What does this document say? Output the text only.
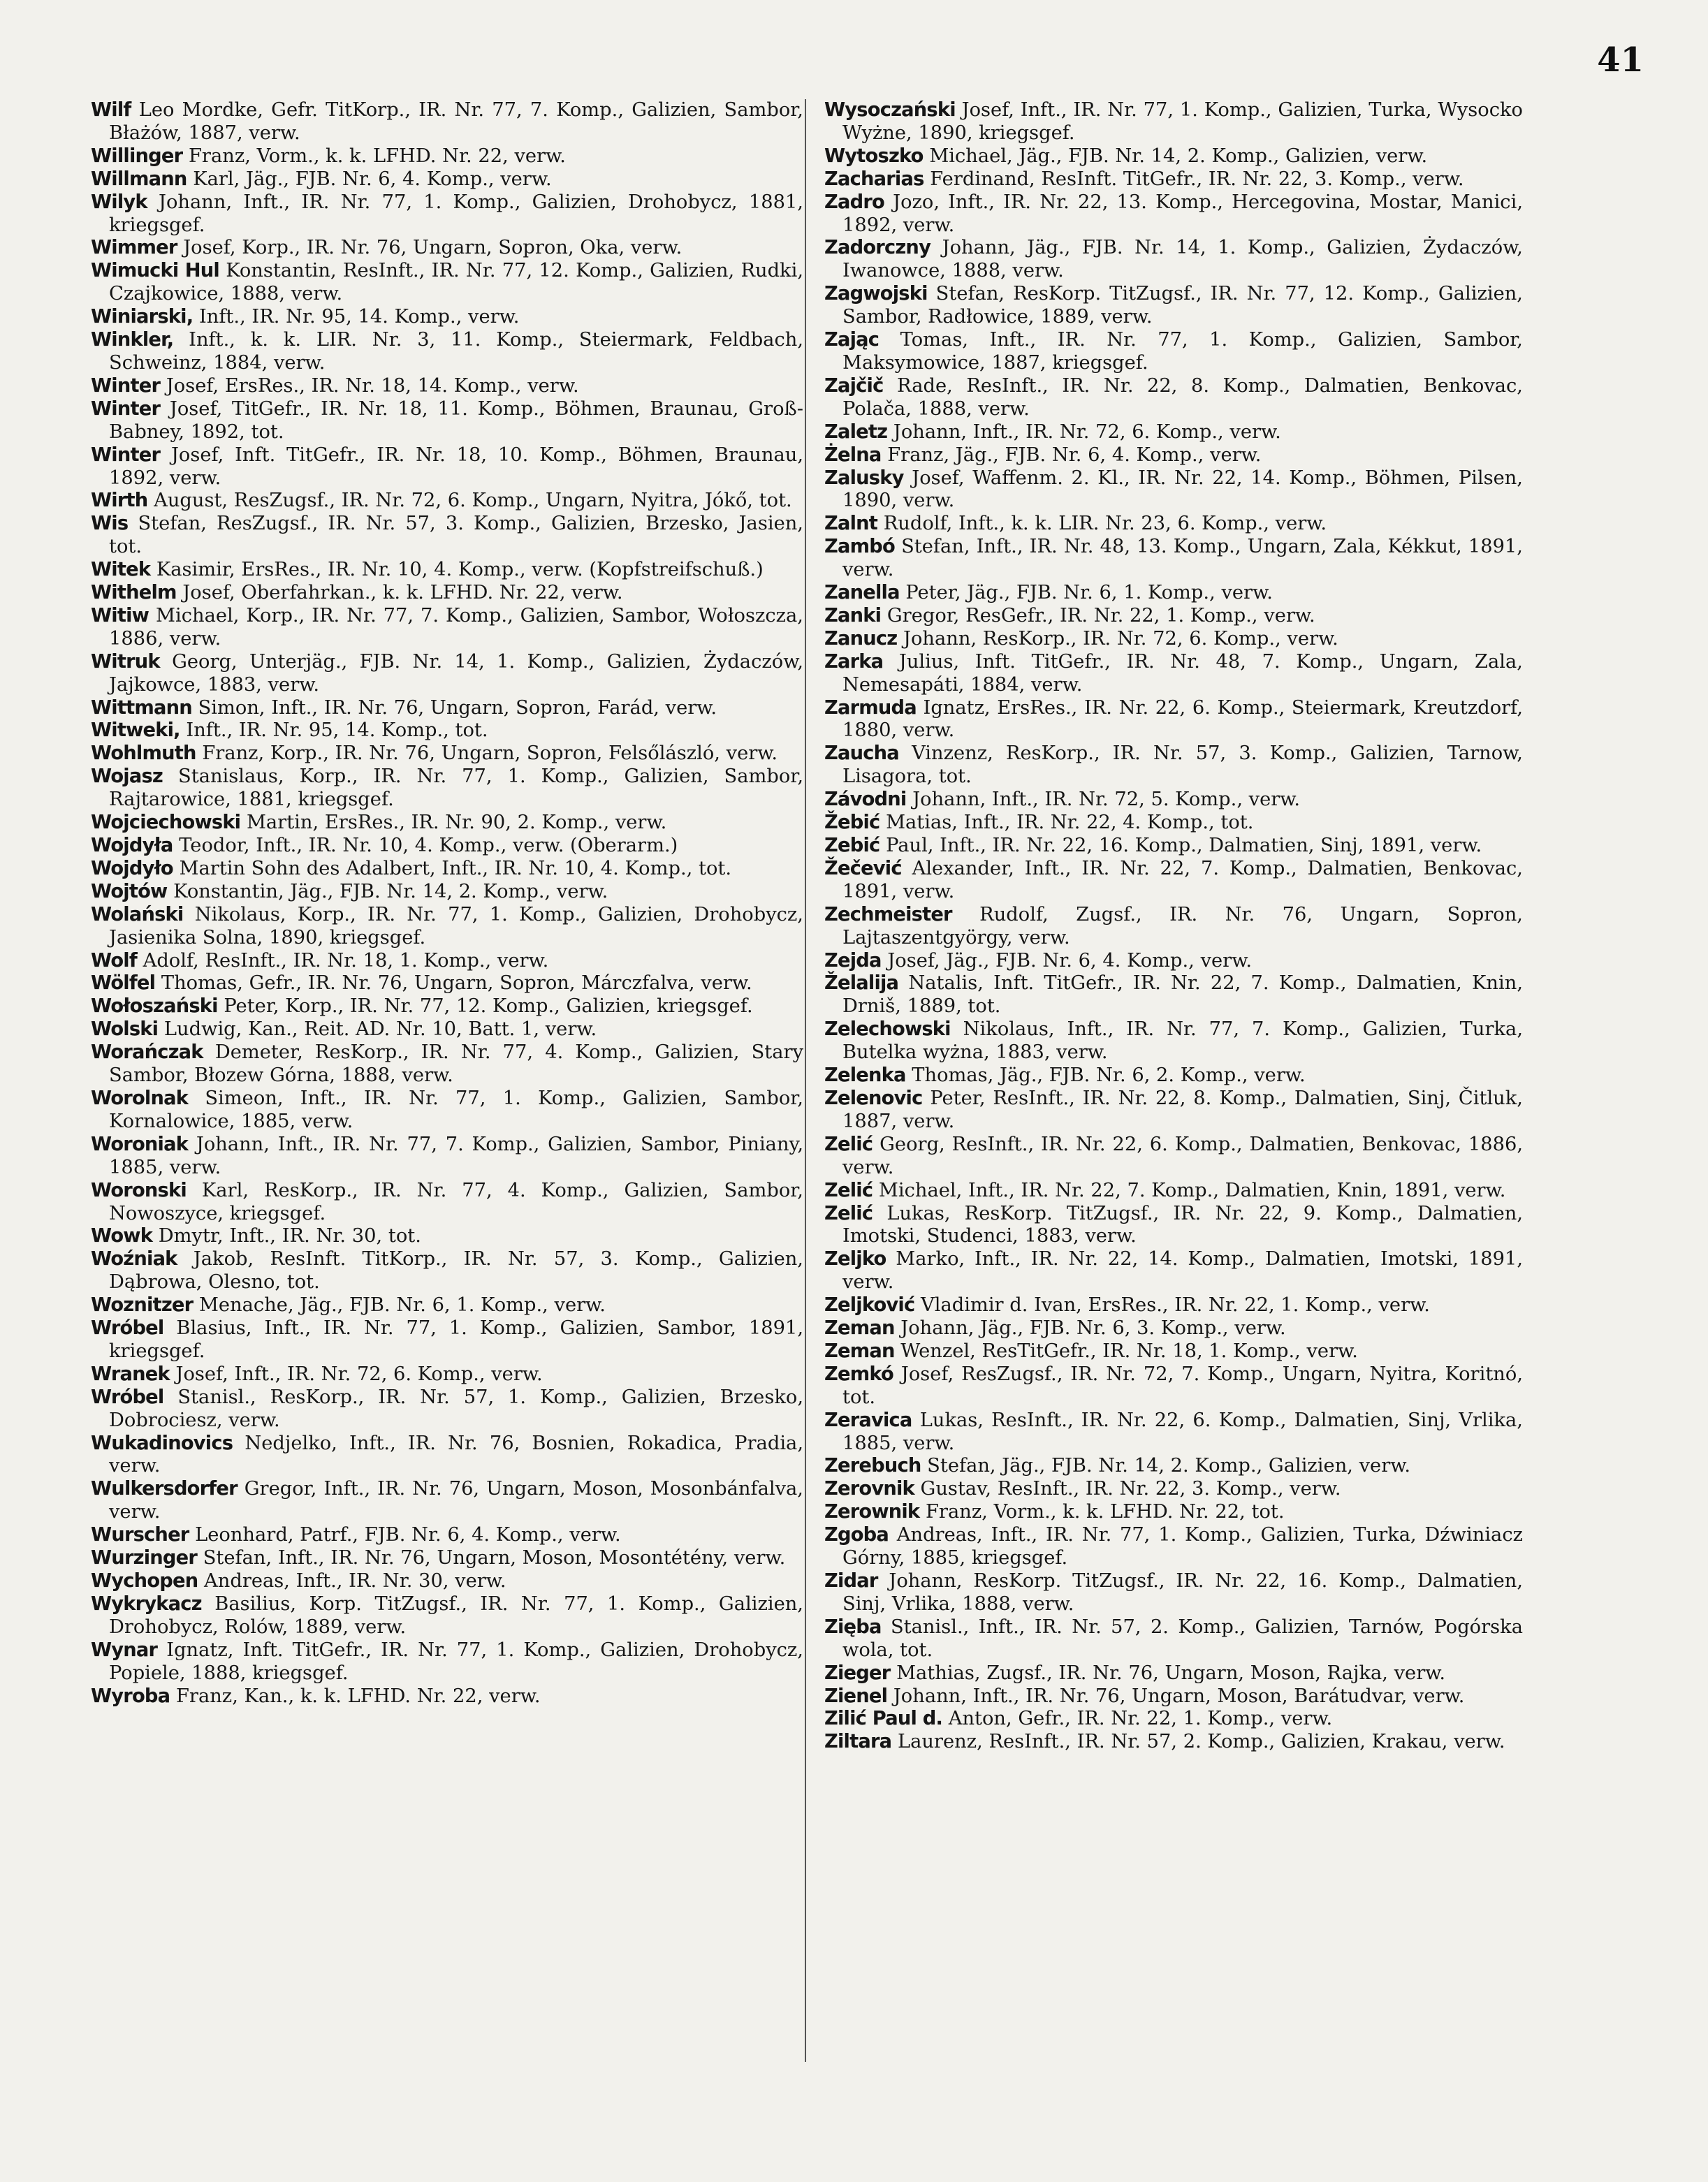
41

Wilf Leo Mordke, Gefr. TitKorp., IR. Nr. 77, 7. Komp., Galizien, Sambor, Błażów, 1887, verw.

Willinger Franz, Vorm., k. k. LFHD. Nr. 22, verw.

Willmann Karl, Jäg., FJB. Nr. 6, 4. Komp., verw.

Wilyk Johann, Inft., IR. Nr. 77, 1. Komp., Galizien, Drohobycz, 1881, kriegsgef.

Wimmer Josef, Korp., IR. Nr. 76, Ungarn, Sopron, Oka, verw.

Wimucki Hul Konstantin, ResInft., IR. Nr. 77, 12. Komp., Galizien, Rudki, Czajkowice, 1888, verw.

Winiarski, Inft., IR. Nr. 95, 14. Komp., verw.

Winkler, Inft., k. k. LIR. Nr. 3, 11. Komp., Steiermark, Feldbach, Schweinz, 1884, verw.

Winter Josef, ErsRes., IR. Nr. 18, 14. Komp., verw.

Winter Josef, TitGefr., IR. Nr. 18, 11. Komp., Böhmen, Braunau, Groß-Babney, 1892, tot.

Winter Josef, Inft. TitGefr., IR. Nr. 18, 10. Komp., Böhmen, Braunau, 1892, verw.

Wirth August, ResZugsf., IR. Nr. 72, 6. Komp., Ungarn, Nyitra, Jókő, tot.

Wis Stefan, ResZugsf., IR. Nr. 57, 3. Komp., Galizien, Brzesko, Jasien, tot.

Witek Kasimir, ErsRes., IR. Nr. 10, 4. Komp., verw. (Kopfstreifschuß.)

Withelm Josef, Oberfahrkan., k. k. LFHD. Nr. 22, verw.

Witiw Michael, Korp., IR. Nr. 77, 7. Komp., Galizien, Sambor, Wołoszcza, 1886, verw.

Witruk Georg, Unterjäg., FJB. Nr. 14, 1. Komp., Galizien, Żydaczów, Jajkowce, 1883, verw.

Wittmann Simon, Inft., IR. Nr. 76, Ungarn, Sopron, Farád, verw.

Witweki, Inft., IR. Nr. 95, 14. Komp., tot.

Wohlmuth Franz, Korp., IR. Nr. 76, Ungarn, Sopron, Felsőlászló, verw.

Wojasz Stanislaus, Korp., IR. Nr. 77, 1. Komp., Galizien, Sambor, Rajtarowice, 1881, kriegsgef.

Wojciechowski Martin, ErsRes., IR. Nr. 90, 2. Komp., verw.

Wojdyła Teodor, Inft., IR. Nr. 10, 4. Komp., verw. (Oberarm.)

Wojdyło Martin Sohn des Adalbert, Inft., IR. Nr. 10, 4. Komp., tot.

Wojtów Konstantin, Jäg., FJB. Nr. 14, 2. Komp., verw.

Wolański Nikolaus, Korp., IR. Nr. 77, 1. Komp., Galizien, Drohobycz, Jasienika Solna, 1890, kriegsgef.

Wolf Adolf, ResInft., IR. Nr. 18, 1. Komp., verw.

Wölfel Thomas, Gefr., IR. Nr. 76, Ungarn, Sopron, Márczfalva, verw.

Wołoszański Peter, Korp., IR. Nr. 77, 12. Komp., Galizien, kriegsgef.

Wolski Ludwig, Kan., Reit. AD. Nr. 10, Batt. 1, verw.

Worańczak Demeter, ResKorp., IR. Nr. 77, 4. Komp., Galizien, Stary Sambor, Błozew Górna, 1888, verw.

Worolnak Simeon, Inft., IR. Nr. 77, 1. Komp., Galizien, Sambor, Kornalowice, 1885, verw.

Woroniak Johann, Inft., IR. Nr. 77, 7. Komp., Galizien, Sambor, Piniany, 1885, verw.

Woronski Karl, ResKorp., IR. Nr. 77, 4. Komp., Galizien, Sambor, Nowoszyce, kriegsgef.

Wowk Dmytr, Inft., IR. Nr. 30, tot.

Woźniak Jakob, ResInft. TitKorp., IR. Nr. 57, 3. Komp., Galizien, Dąbrowa, Olesno, tot.

Woznitzer Menache, Jäg., FJB. Nr. 6, 1. Komp., verw.

Wróbel Blasius, Inft., IR. Nr. 77, 1. Komp., Galizien, Sambor, 1891, kriegsgef.

Wranek Josef, Inft., IR. Nr. 72, 6. Komp., verw.

Wróbel Stanisl., ResKorp., IR. Nr. 57, 1. Komp., Galizien, Brzesko, Dobrociesz, verw.

Wukadinovics Nedjelko, Inft., IR. Nr. 76, Bosnien, Rokadica, Pradia, verw.

Wulkersdorfer Gregor, Inft., IR. Nr. 76, Ungarn, Moson, Mosonbánfalva, verw.

Wurscher Leonhard, Patrf., FJB. Nr. 6, 4. Komp., verw.

Wurzinger Stefan, Inft., IR. Nr. 76, Ungarn, Moson, Mosontétény, verw.

Wychopen Andreas, Inft., IR. Nr. 30, verw.

Wykrykacz Basilius, Korp. TitZugsf., IR. Nr. 77, 1. Komp., Galizien, Drohobycz, Rolów, 1889, verw.

Wynar Ignatz, Inft. TitGefr., IR. Nr. 77, 1. Komp., Galizien, Drohobycz, Popiele, 1888, kriegsgef.

Wyroba Franz, Kan., k. k. LFHD. Nr. 22, verw.

Wysoczański Josef, Inft., IR. Nr. 77, 1. Komp., Galizien, Turka, Wysocko Wyżne, 1890, kriegsgef.

Wytoszko Michael, Jäg., FJB. Nr. 14, 2. Komp., Galizien, verw.

Zacharias Ferdinand, ResInft. TitGefr., IR. Nr. 22, 3. Komp., verw.

Zadro Jozo, Inft., IR. Nr. 22, 13. Komp., Hercegovina, Mostar, Manici, 1892, verw.

Zadorczny Johann, Jäg., FJB. Nr. 14, 1. Komp., Galizien, Żydaczów, Iwanowce, 1888, verw.

Zagwojski Stefan, ResKorp. TitZugsf., IR. Nr. 77, 12. Komp., Galizien, Sambor, Radłowice, 1889, verw.

Zając Tomas, Inft., IR. Nr. 77, 1. Komp., Galizien, Sambor, Maksymowice, 1887, kriegsgef.

Zajčič Rade, ResInft., IR. Nr. 22, 8. Komp., Dalmatien, Benkovac, Polača, 1888, verw.

Zaletz Johann, Inft., IR. Nr. 72, 6. Komp., verw.

Żelna Franz, Jäg., FJB. Nr. 6, 4. Komp., verw.

Zalusky Josef, Waffenm. 2. Kl., IR. Nr. 22, 14. Komp., Böhmen, Pilsen, 1890, verw.

Zalnt Rudolf, Inft., k. k. LIR. Nr. 23, 6. Komp., verw.

Zambó Stefan, Inft., IR. Nr. 48, 13. Komp., Ungarn, Zala, Kékkut, 1891, verw.

Zanella Peter, Jäg., FJB. Nr. 6, 1. Komp., verw.

Zanki Gregor, ResGefr., IR. Nr. 22, 1. Komp., verw.

Zanucz Johann, ResKorp., IR. Nr. 72, 6. Komp., verw.

Zarka Julius, Inft. TitGefr., IR. Nr. 48, 7. Komp., Ungarn, Zala, Nemesapáti, 1884, verw.

Zarmuda Ignatz, ErsRes., IR. Nr. 22, 6. Komp., Steiermark, Kreutzdorf, 1880, verw.

Zaucha Vinzenz, ResKorp., IR. Nr. 57, 3. Komp., Galizien, Tarnow, Lisagora, tot.

Závodni Johann, Inft., IR. Nr. 72, 5. Komp., verw.

Žebić Matias, Inft., IR. Nr. 22, 4. Komp., tot.

Zebić Paul, Inft., IR. Nr. 22, 16. Komp., Dalmatien, Sinj, 1891, verw.

Žečević Alexander, Inft., IR. Nr. 22, 7. Komp., Dalmatien, Benkovac, 1891, verw.

Zechmeister Rudolf, Zugsf., IR. Nr. 76, Ungarn, Sopron, Lajtaszentgyörgy, verw.

Zejda Josef, Jäg., FJB. Nr. 6, 4. Komp., verw.

Želalija Natalis, Inft. TitGefr., IR. Nr. 22, 7. Komp., Dalmatien, Knin, Drniš, 1889, tot.

Zelechowski Nikolaus, Inft., IR. Nr. 77, 7. Komp., Galizien, Turka, Butelka wyżna, 1883, verw.

Zelenka Thomas, Jäg., FJB. Nr. 6, 2. Komp., verw.

Zelenovic Peter, ResInft., IR. Nr. 22, 8. Komp., Dalmatien, Sinj, Čitluk, 1887, verw.

Zelić Georg, ResInft., IR. Nr. 22, 6. Komp., Dalmatien, Benkovac, 1886, verw.

Zelić Michael, Inft., IR. Nr. 22, 7. Komp., Dalmatien, Knin, 1891, verw.

Zelić Lukas, ResKorp. TitZugsf., IR. Nr. 22, 9. Komp., Dalmatien, Imotski, Studenci, 1883, verw.

Zeljko Marko, Inft., IR. Nr. 22, 14. Komp., Dalmatien, Imotski, 1891, verw.

Zeljković Vladimir d. Ivan, ErsRes., IR. Nr. 22, 1. Komp., verw.

Zeman Johann, Jäg., FJB. Nr. 6, 3. Komp., verw.

Zeman Wenzel, ResTitGefr., IR. Nr. 18, 1. Komp., verw.

Zemkó Josef, ResZugsf., IR. Nr. 72, 7. Komp., Ungarn, Nyitra, Koritnó, tot.

Zeravica Lukas, ResInft., IR. Nr. 22, 6. Komp., Dalmatien, Sinj, Vrlika, 1885, verw.

Zerebuch Stefan, Jäg., FJB. Nr. 14, 2. Komp., Galizien, verw.

Zerovnik Gustav, ResInft., IR. Nr. 22, 3. Komp., verw.

Zerownik Franz, Vorm., k. k. LFHD. Nr. 22, tot.

Zgoba Andreas, Inft., IR. Nr. 77, 1. Komp., Galizien, Turka, Dźwiniacz Górny, 1885, kriegsgef.

Zidar Johann, ResKorp. TitZugsf., IR. Nr. 22, 16. Komp., Dalmatien, Sinj, Vrlika, 1888, verw.

Zięba Stanisl., Inft., IR. Nr. 57, 2. Komp., Galizien, Tarnów, Pogórska wola, tot.

Zieger Mathias, Zugsf., IR. Nr. 76, Ungarn, Moson, Rajka, verw.

Zienel Johann, Inft., IR. Nr. 76, Ungarn, Moson, Barátudvar, verw.

Zilić Paul d. Anton, Gefr., IR. Nr. 22, 1. Komp., verw.

Ziltara Laurenz, ResInft., IR. Nr. 57, 2. Komp., Galizien, Krakau, verw.
